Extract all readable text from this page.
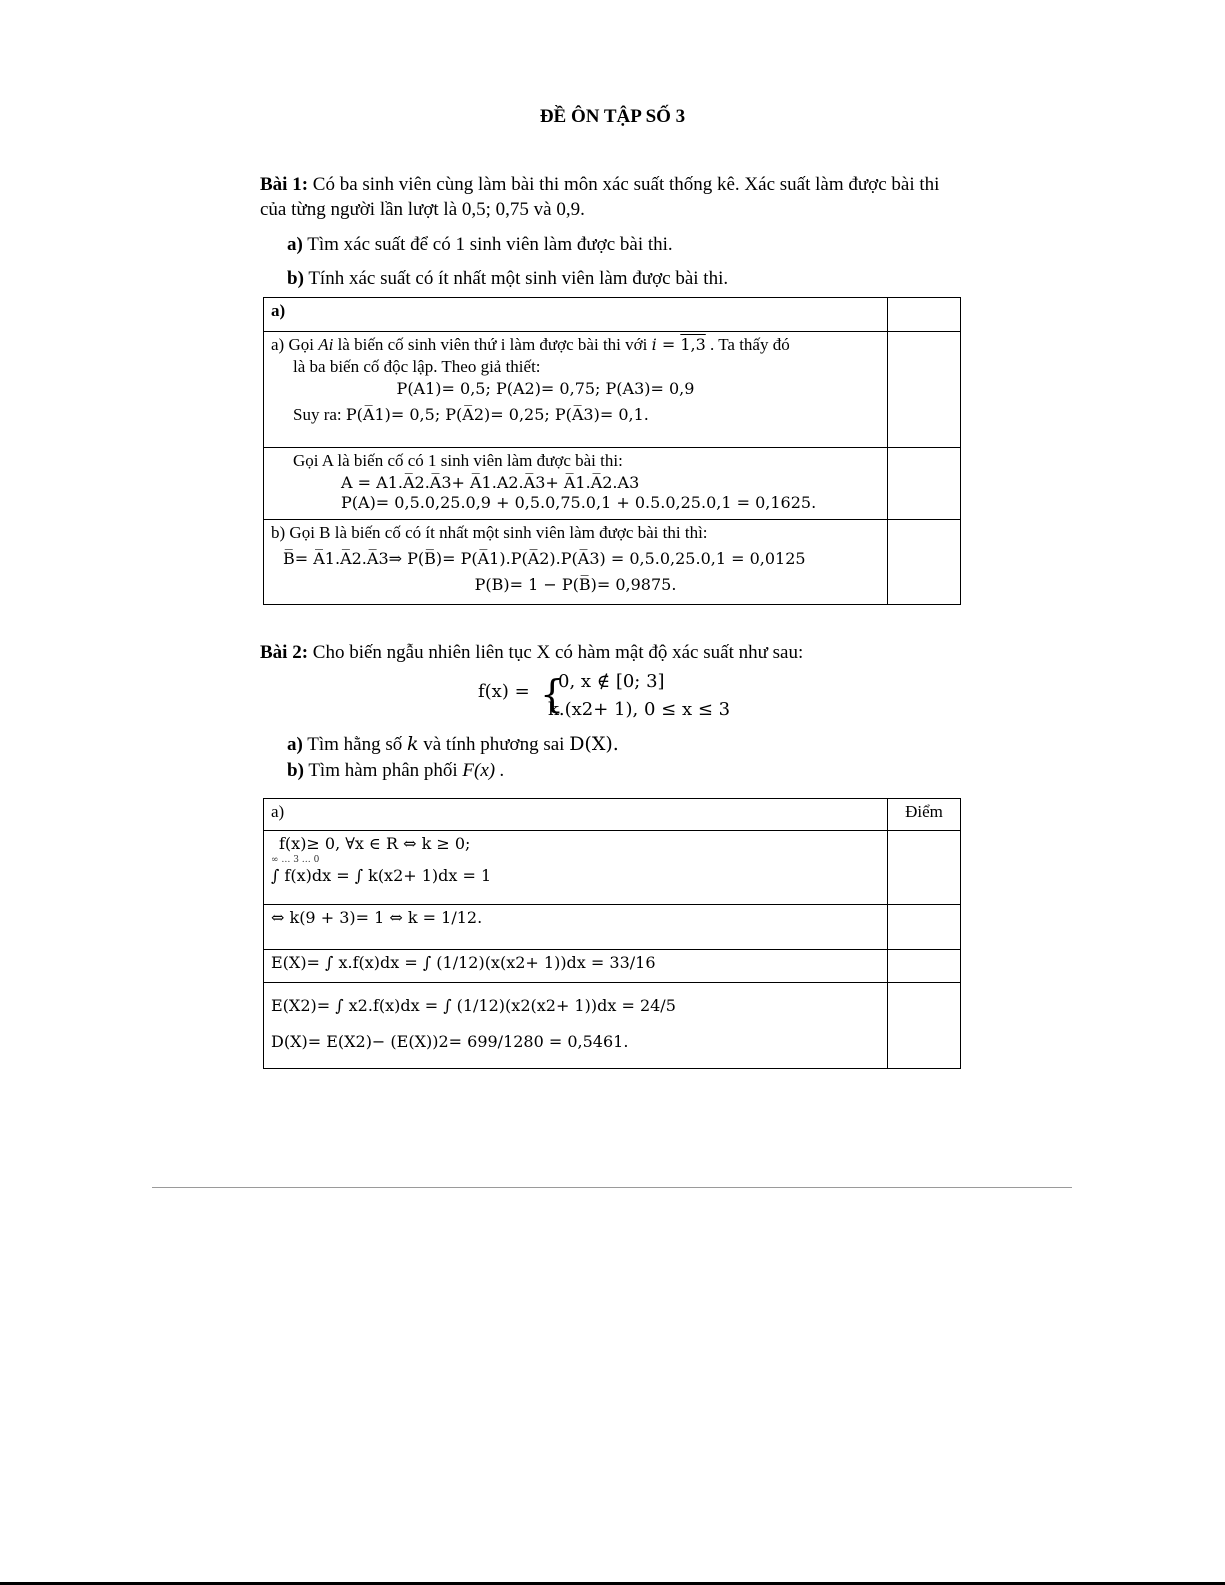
ĐỀ ÔN TẬP SỐ 3
Bài 1: Có ba sinh viên cùng làm bài thi môn xác suất thống kê. Xác suất làm được bài thi của từng người lần lượt là 0,5; 0,75 và 0,9.
a) Tìm xác suất để có 1 sinh viên làm được bài thi.
b) Tính xác suất có ít nhất một sinh viên làm được bài thi.
a)	

a) Gọi Ai là biến cố sinh viên thứ i làm được bài thi với i = 1,3 . Ta thấy đó
là ba biến cố độc lập. Theo giả thiết:
P(A1)= 0,5; P(A2)= 0,75; P(A3)= 0,9
Suy ra: P(A̅1)= 0,5; P(A̅2)= 0,25; P(A̅3)= 0,1.	

Gọi A là biến cố có 1 sinh viên làm được bài thi:
A = A1.A̅2.A̅3+ A̅1.A2.A̅3+ A̅1.A̅2.A3
P(A)= 0,5.0,25.0,9 + 0,5.0,75.0,1 + 0.5.0,25.0,1 = 0,1625.	

b) Gọi B là biến cố có ít nhất một sinh viên làm được bài thi thì:
B̅= A̅1.A̅2.A̅3⇒ P(B̅)= P(A̅1).P(A̅2).P(A̅3) = 0,5.0,25.0,1 = 0,0125
P(B)= 1 − P(B̅)= 0,9875.	

Bài 2: Cho biến ngẫu nhiên liên tục X có hàm mật độ xác suất như sau:
f(x) = {
0, x ∉ [0; 3]
k.(x2+ 1), 0 ≤ x ≤ 3
a) Tìm hằng số k và tính phương sai D(X).
b) Tìm hàm phân phối F(x) .
a)	Điểm

f(x)≥ 0, ∀x ∈ R ⇔ k ≥ 0;
∞ … 3 … 0
∫ f(x)dx = ∫ k(x2+ 1)dx = 1	

⇔ k(9 + 3)= 1 ⇔ k = 1/12.	
E(X)= ∫ x.f(x)dx = ∫ (1/12)(x(x2+ 1))dx = 33/16	

E(X2)= ∫ x2.f(x)dx = ∫ (1/12)(x2(x2+ 1))dx = 24/5
D(X)= E(X2)− (E(X))2= 699/1280 = 0,5461.	
